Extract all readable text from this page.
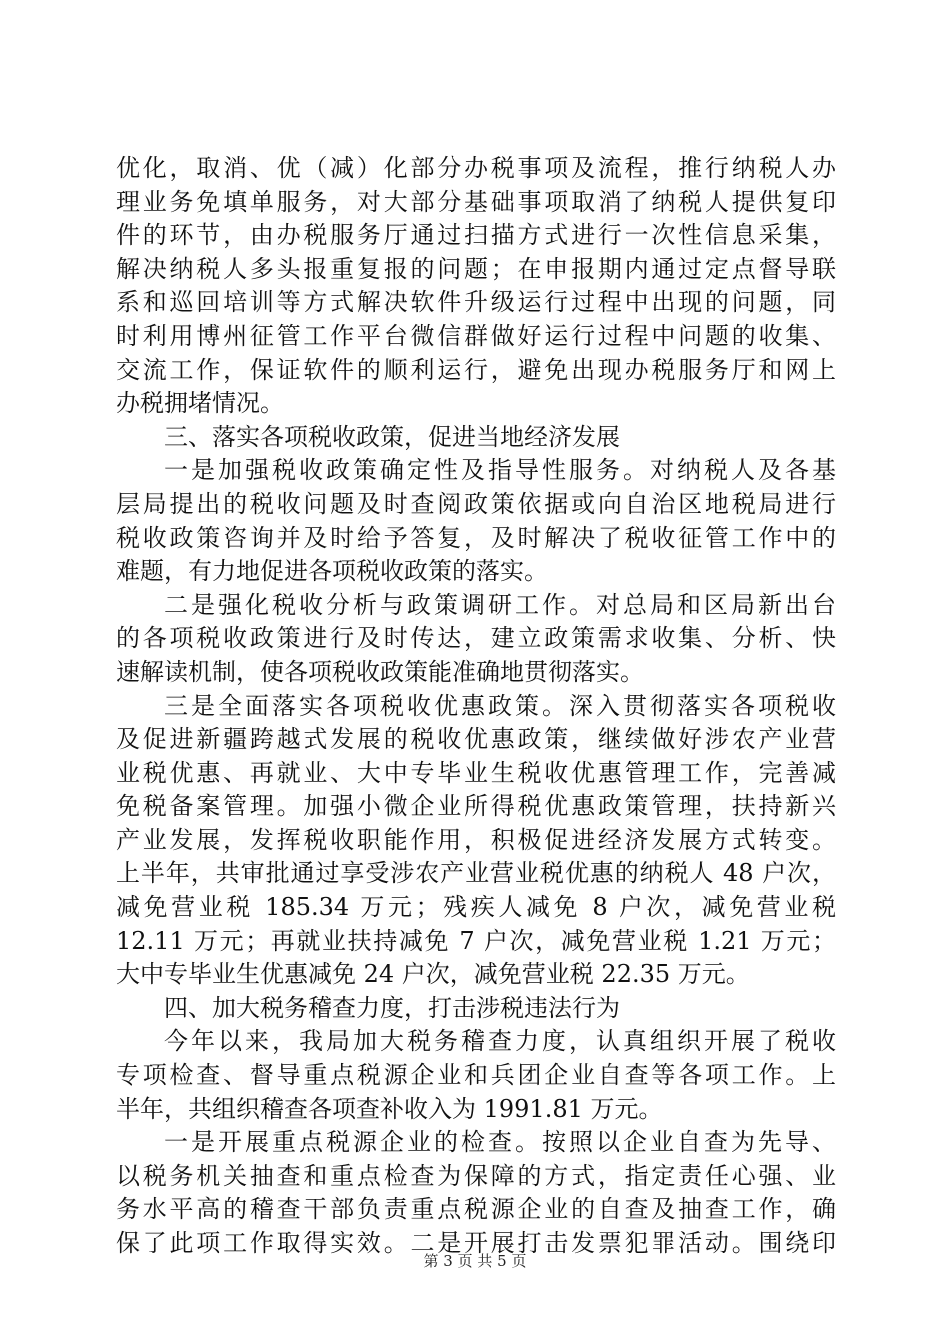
优化，取消、优（减）化部分办税事项及流程，推行纳税人办
理业务免填单服务，对大部分基础事项取消了纳税人提供复印
件的环节，由办税服务厅通过扫描方式进行一次性信息采集，
解决纳税人多头报重复报的问题；在申报期内通过定点督导联
系和巡回培训等方式解决软件升级运行过程中出现的问题，同
时利用博州征管工作平台微信群做好运行过程中问题的收集、
交流工作，保证软件的顺利运行，避免出现办税服务厅和网上
办税拥堵情况。
三、落实各项税收政策，促进当地经济发展
一是加强税收政策确定性及指导性服务。对纳税人及各基
层局提出的税收问题及时查阅政策依据或向自治区地税局进行
税收政策咨询并及时给予答复，及时解决了税收征管工作中的
难题，有力地促进各项税收政策的落实。
二是强化税收分析与政策调研工作。对总局和区局新出台
的各项税收政策进行及时传达，建立政策需求收集、分析、快
速解读机制，使各项税收政策能准确地贯彻落实。
三是全面落实各项税收优惠政策。深入贯彻落实各项税收
及促进新疆跨越式发展的税收优惠政策，继续做好涉农产业营
业税优惠、再就业、大中专毕业生税收优惠管理工作，完善减
免税备案管理。加强小微企业所得税优惠政策管理，扶持新兴
产业发展，发挥税收职能作用，积极促进经济发展方式转变。
上半年，共审批通过享受涉农产业营业税优惠的纳税人 48 户次，
减免营业税 185.34 万元；残疾人减免 8 户次，减免营业税
12.11 万元；再就业扶持减免 7 户次，减免营业税 1.21 万元；
大中专毕业生优惠减免 24 户次，减免营业税 22.35 万元。
四、加大税务稽查力度，打击涉税违法行为
今年以来，我局加大税务稽查力度，认真组织开展了税收
专项检查、督导重点税源企业和兵团企业自查等各项工作。上
半年，共组织稽查各项查补收入为 1991.81 万元。
一是开展重点税源企业的检查。按照以企业自查为先导、
以税务机关抽查和重点检查为保障的方式，指定责任心强、业
务水平高的稽查干部负责重点税源企业的自查及抽查工作，确
保了此项工作取得实效。二是开展打击发票犯罪活动。围绕印
第 3 页 共 5 页
